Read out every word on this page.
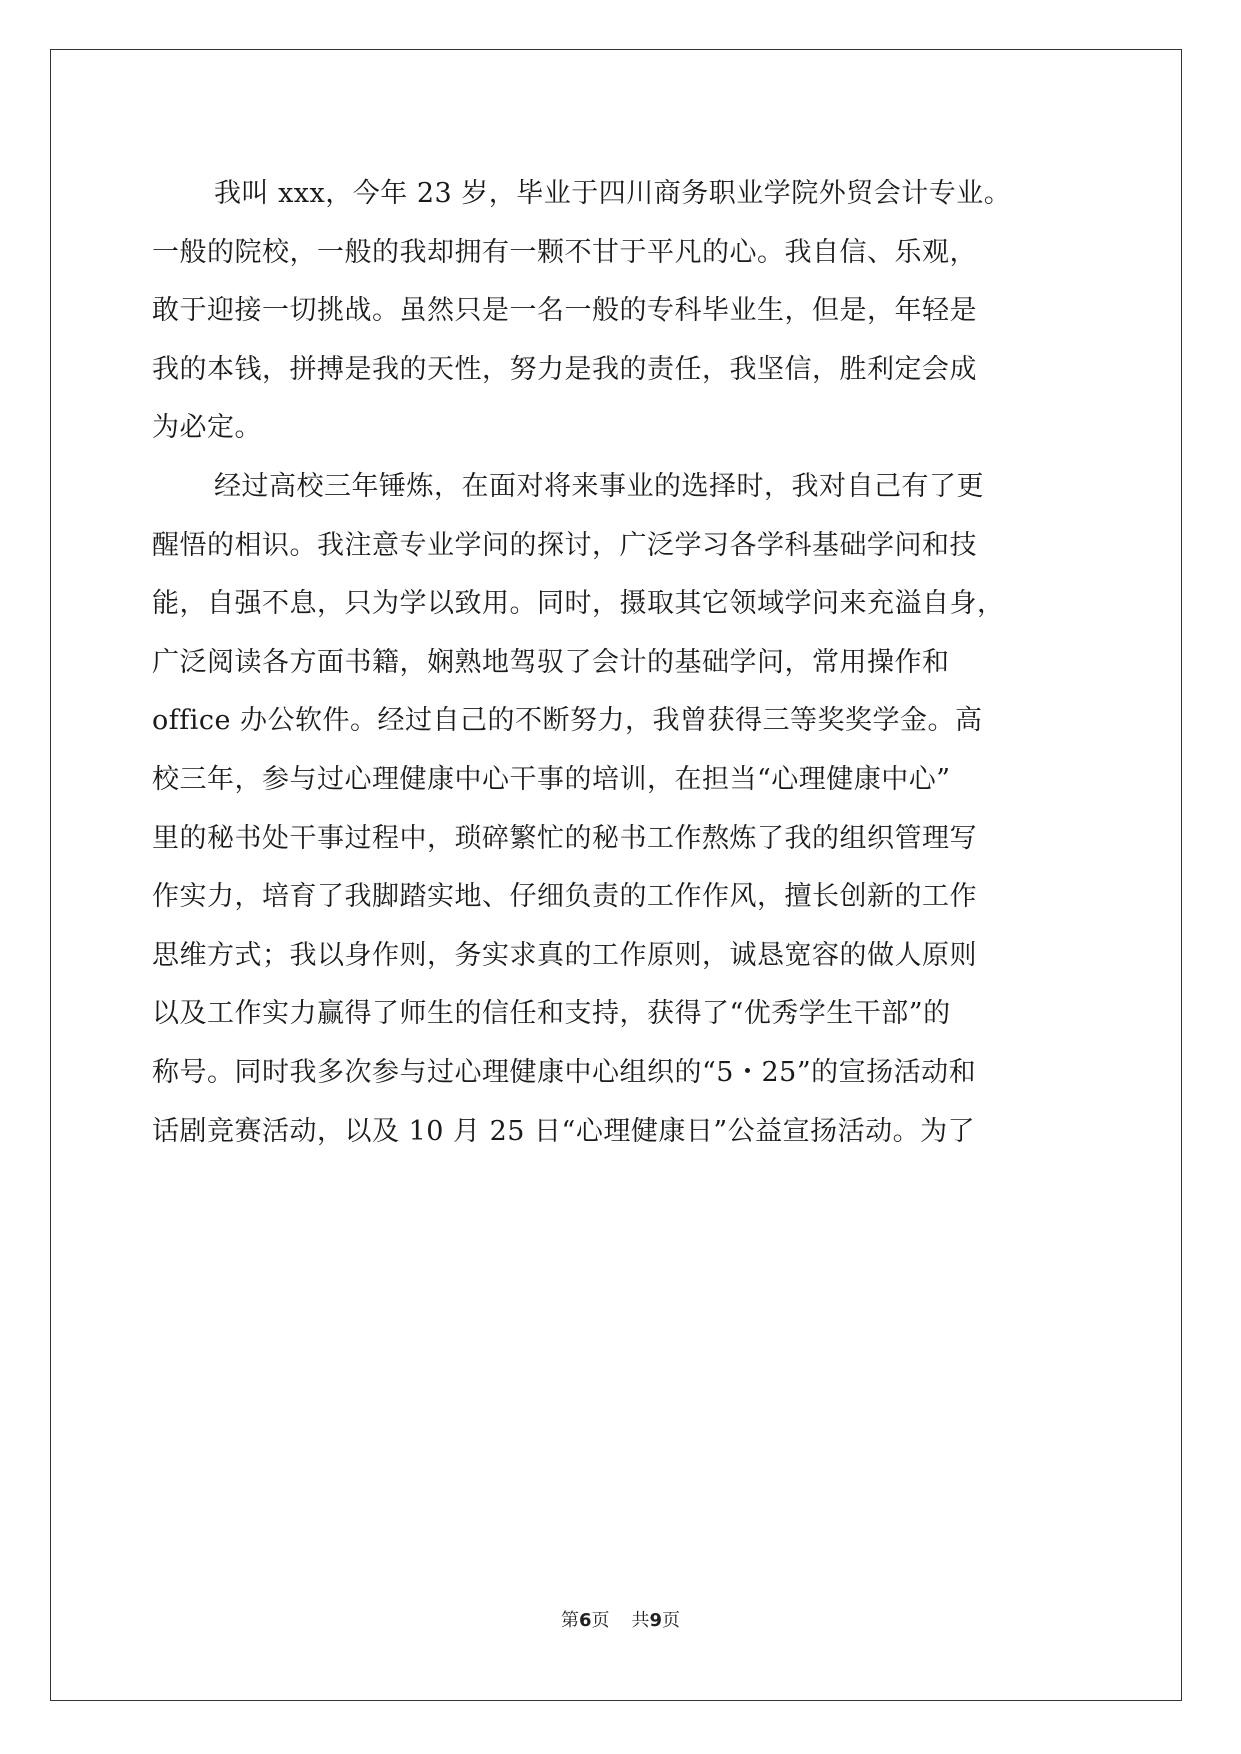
我叫 xxx，今年 23 岁，毕业于四川商务职业学院外贸会计专业。
一般的院校，一般的我却拥有一颗不甘于平凡的心。我自信、乐观，
敢于迎接一切挑战。虽然只是一名一般的专科毕业生，但是，年轻是
我的本钱，拼搏是我的天性，努力是我的责任，我坚信，胜利定会成
为必定。
经过高校三年锤炼，在面对将来事业的选择时，我对自己有了更
醒悟的相识。我注意专业学问的探讨，广泛学习各学科基础学问和技
能，自强不息，只为学以致用。同时，摄取其它领域学问来充溢自身，
广泛阅读各方面书籍，娴熟地驾驭了会计的基础学问，常用操作和
office 办公软件。经过自己的不断努力，我曾获得三等奖奖学金。高
校三年，参与过心理健康中心干事的培训，在担当“心理健康中心”
里的秘书处干事过程中，琐碎繁忙的秘书工作熬炼了我的组织管理写
作实力，培育了我脚踏实地、仔细负责的工作作风，擅长创新的工作
思维方式；我以身作则，务实求真的工作原则，诚恳宽容的做人原则
以及工作实力赢得了师生的信任和支持，获得了“优秀学生干部”的
称号。同时我多次参与过心理健康中心组织的“5・25”的宣扬活动和
话剧竞赛活动，以及 10 月 25 日“心理健康日”公益宣扬活动。为了
第6页 共9页
